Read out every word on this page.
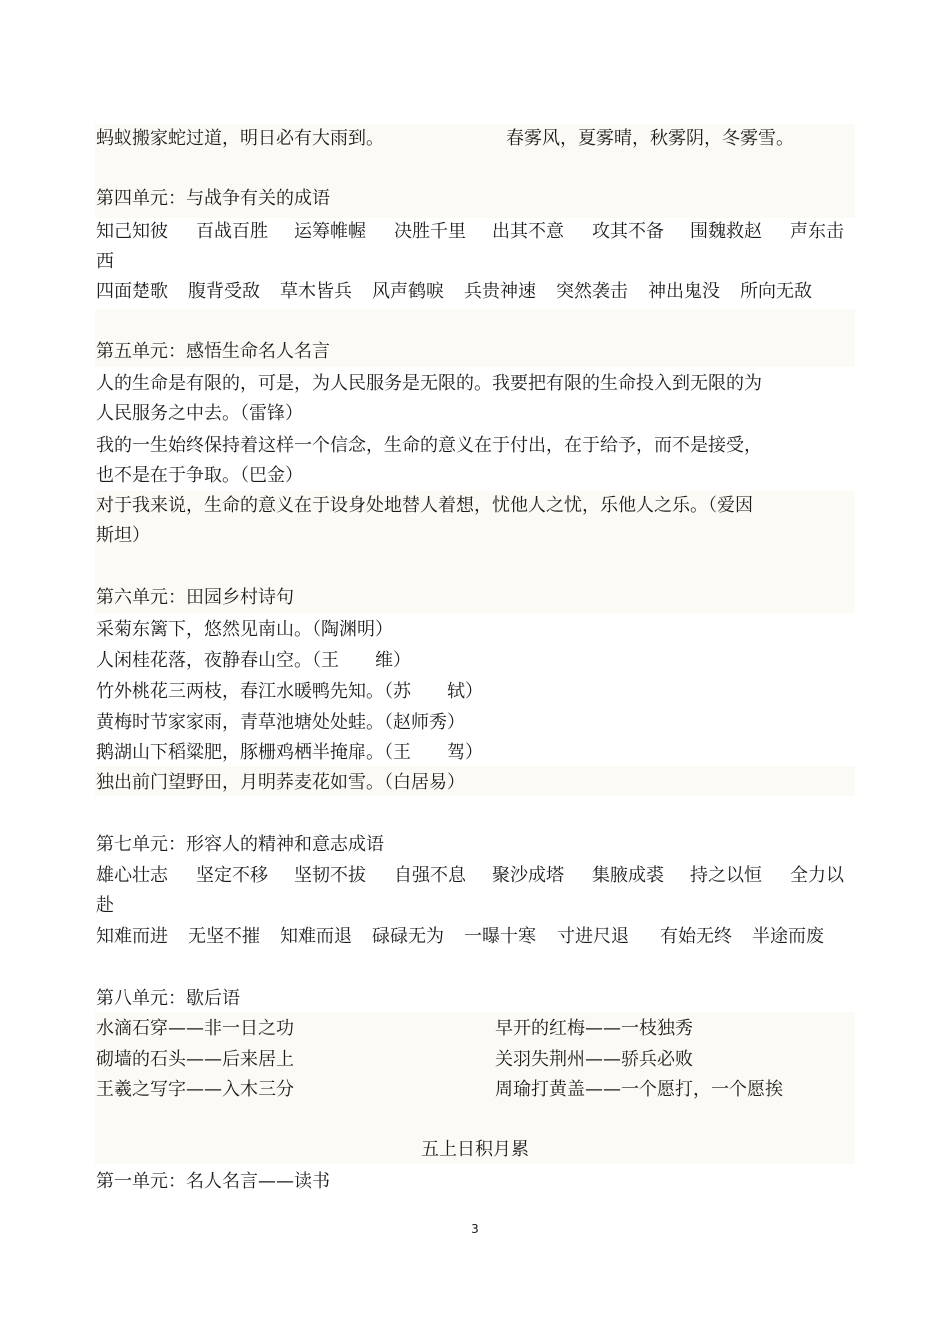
蚂蚁搬家蛇过道，明日必有大雨到。	春雾风，夏雾晴，秋雾阴，冬雾雪。
第四单元：与战争有关的成语
知己知彼 百战百胜 运筹帷幄 决胜千里 出其不意 攻其不备 围魏救赵 声东击
西
四面楚歌 腹背受敌 草木皆兵 风声鹤唳 兵贵神速 突然袭击 神出鬼没 所向无敌
第五单元：感悟生命名人名言
人的生命是有限的，可是，为人民服务是无限的。我要把有限的生命投入到无限的为
人民服务之中去。（雷锋）
我的一生始终保持着这样一个信念，生命的意义在于付出，在于给予，而不是接受，
也不是在于争取。（巴金）
对于我来说，生命的意义在于设身处地替人着想，忧他人之忧，乐他人之乐。（爱因
斯坦）
第六单元：田园乡村诗句
采菊东篱下，悠然见南山。（陶渊明）
人闲桂花落，夜静春山空。（王　　维）
竹外桃花三两枝，春江水暖鸭先知。（苏　　轼）
黄梅时节家家雨，青草池塘处处蛙。（赵师秀）
鹅湖山下稻粱肥，豚栅鸡栖半掩扉。（王　　驾）
独出前门望野田，月明荞麦花如雪。（白居易）
第七单元：形容人的精神和意志成语
雄心壮志 坚定不移 坚韧不拔 自强不息 聚沙成塔 集腋成裘 持之以恒 全力以
赴
知难而进 无坚不摧 知难而退 碌碌无为 一曝十寒 寸进尺退 有始无终 半途而废
第八单元：歇后语
水滴石穿——非一日之功	早开的红梅——一枝独秀
砌墙的石头——后来居上	关羽失荆州——骄兵必败
王羲之写字——入木三分	周瑜打黄盖——一个愿打，一个愿挨
五上日积月累
第一单元：名人名言——读书
3
